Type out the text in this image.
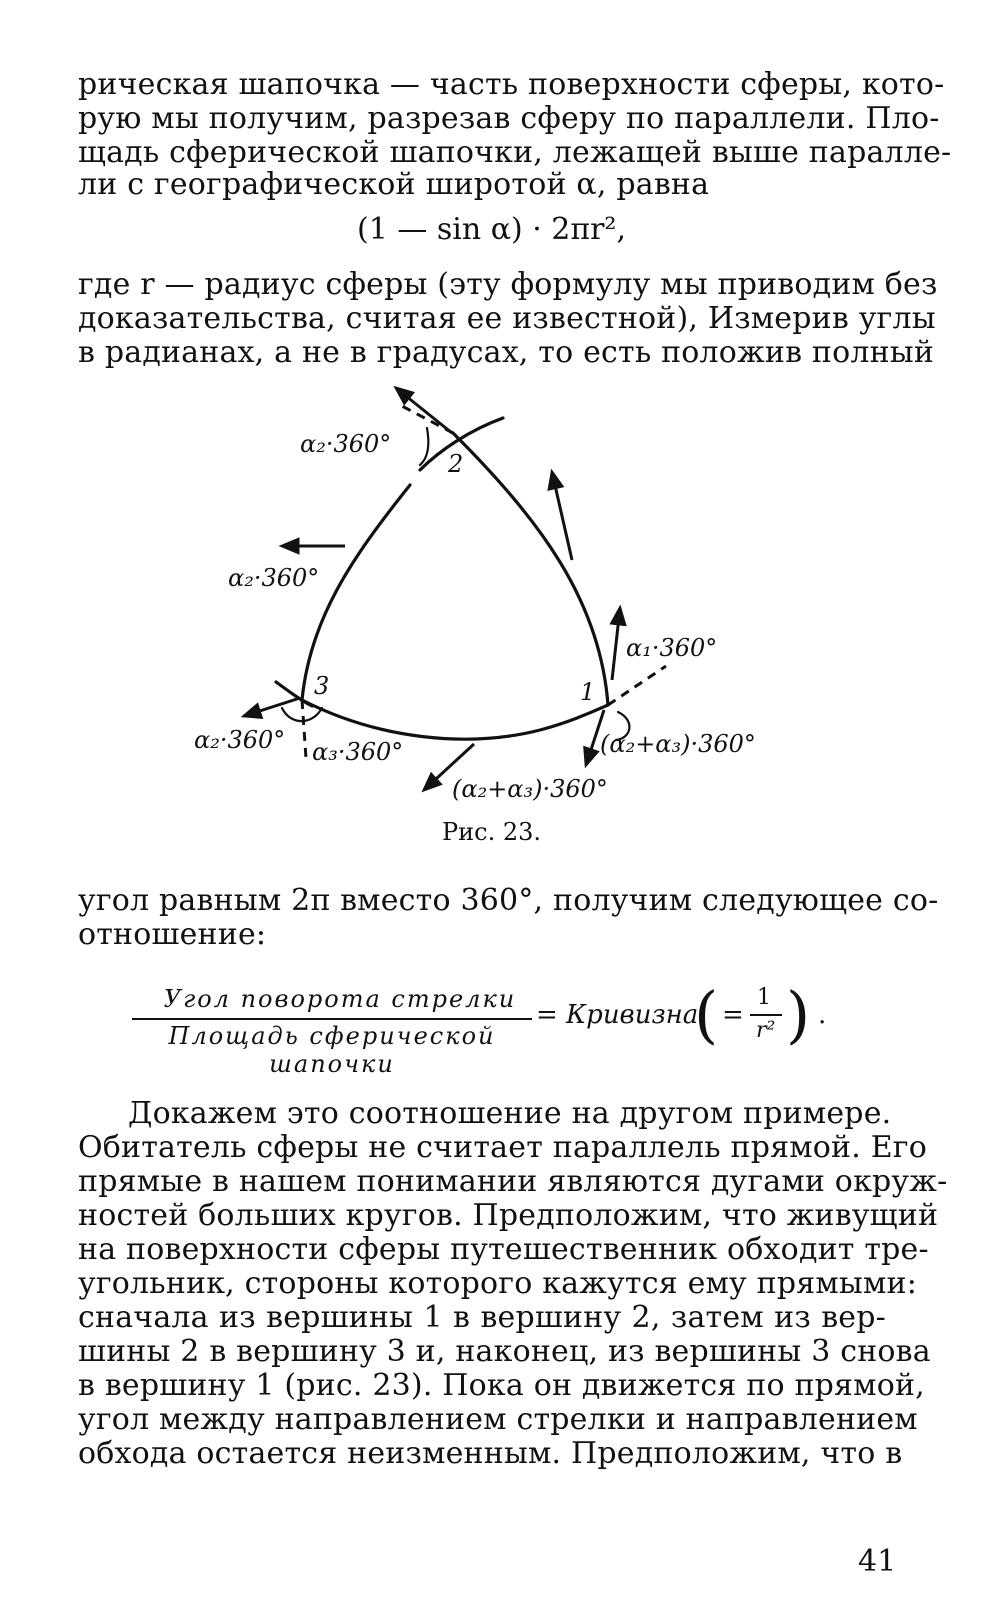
рическая шапочка — часть поверхности сферы, кото-
рую мы получим, разрезав сферу по параллели. Пло-
щадь сферической шапочки, лежащей выше паралле-
ли с географической широтой α, равна
(1 — sin α) · 2πr²,
где r — радиус сферы (эту формулу мы приводим без
доказательства, считая ее известной), Измерив углы
в радианах, а не в градусах, то есть положив полный
2
1
3
α₂·360°
α₂·360°
α₁·360°
(α₂+α₃)·360°
α₂·360° α₃·360°
(α₂+α₃)·360°
Рис. 23.
угол равным 2π вместо 360°, получим следующее со-
отношение:
Угол поворота стрелки
Площадь сферической шапочки
= Кривизна
( =
1
r² ) .
Докажем это соотношение на другом примере.
Обитатель сферы не считает параллель прямой. Его
прямые в нашем понимании являются дугами окруж-
ностей больших кругов. Предположим, что живущий
на поверхности сферы путешественник обходит тре-
угольник, стороны которого кажутся ему прямыми:
сначала из вершины 1 в вершину 2, затем из вер-
шины 2 в вершину 3 и, наконец, из вершины 3 снова
в вершину 1 (рис. 23). Пока он движется по прямой,
угол между направлением стрелки и направлением
обхода остается неизменным. Предположим, что в
41
